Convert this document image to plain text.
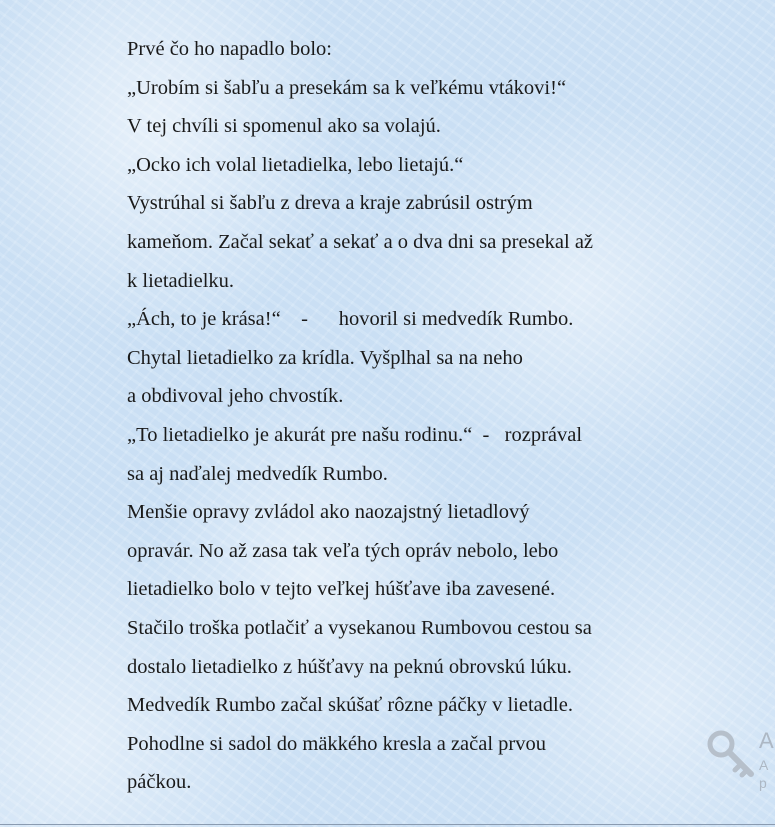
Prvé čo ho napadlo bolo:
„Urobím si šabľu a presekám sa k veľkému vtákovi!“
V tej chvíli si spomenul ako sa volajú.
„Ocko ich volal lietadielka, lebo lietajú.“
Vystrúhal si šabľu z dreva a kraje zabrúsil ostrým
kameňom. Začal sekať a sekať a o dva dni sa presekal až
k lietadielku.
„Ách, to je krása!“    -      hovoril si medvedík Rumbo.
Chytal lietadielko za krídla. Vyšplhal sa na neho
a obdivoval jeho chvostík.
„To lietadielko je akurát pre našu rodinu.“  -   rozprával
sa aj naďalej medvedík Rumbo.
Menšie opravy zvládol ako naozajstný lietadlový
opravár. No až zasa tak veľa tých opráv nebolo, lebo
lietadielko bolo v tejto veľkej húšťave iba zavesené.
Stačilo troška potlačiť a vysekanou Rumbovou cestou sa
dostalo lietadielko z húšťavy na peknú obrovskú lúku.
Medvedík Rumbo začal skúšať rôzne páčky v lietadle.
Pohodlne si sadol do mäkkého kresla a začal prvou
páčkou.
A
A
p
